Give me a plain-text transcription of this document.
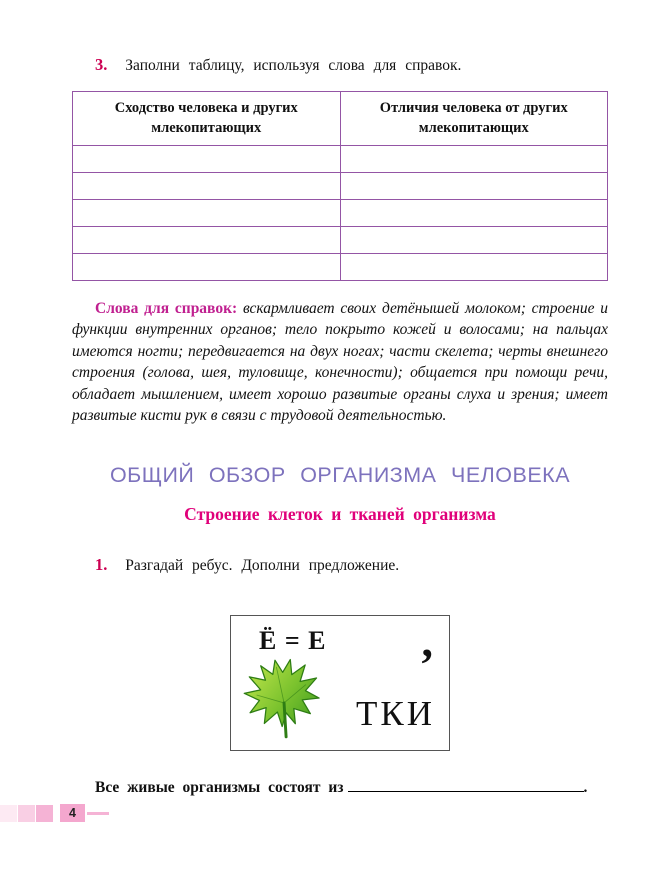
3. Заполни таблицу, используя слова для справок.
Сходство человека и других млекопитающих	Отличия человека от других млекопитающих

Слова для справок: вскармливает своих детёнышей молоком; строение и функции внутренних органов; тело покрыто кожей и волосами; на пальцах имеются ногти; передвигается на двух ногах; части скелета; черты внешнего строения (голова, шея, туловище, конечности); общается при помощи речи, обладает мышлением, имеет хорошо развитые органы слуха и зрения; имеет развитые кисти рук в связи с трудовой деятельностью.

ОБЩИЙ ОБЗОР ОРГАНИЗМА ЧЕЛОВЕКА
Строение клеток и тканей организма
1. Разгадай ребус. Дополни предложение.
Ё = Е ,
ТКИ

Все живые организмы состоят из	.

4
